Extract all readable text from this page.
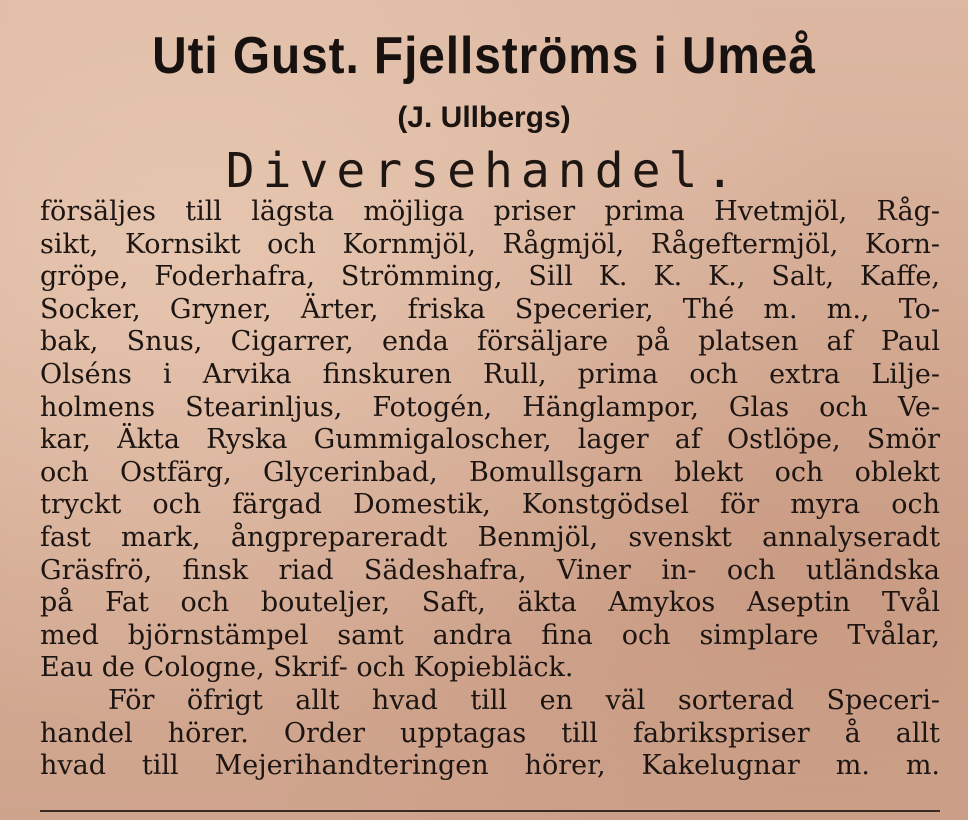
Uti Gust. Fjellströms i Umeå
(J. Ullbergs)
Diversehandel.
försäljes till lägsta möjliga priser prima Hvetmjöl, Råg-
sikt, Kornsikt och Kornmjöl, Rågmjöl, Rågeftermjöl, Korn-
gröpe, Foderhafra, Strömming, Sill K. K. K., Salt, Kaffe,
Socker, Gryner, Ärter, friska Specerier, Thé m. m., To-
bak, Snus, Cigarrer, enda försäljare på platsen af Paul
Olséns i Arvika finskuren Rull, prima och extra Lilje-
holmens Stearinljus, Fotogén, Hänglampor, Glas och Ve-
kar, Äkta Ryska Gummigaloscher, lager af Ostlöpe, Smör
och Ostfärg, Glycerinbad, Bomullsgarn blekt och oblekt
tryckt och färgad Domestik, Konstgödsel för myra och
fast mark, ångprepareradt Benmjöl, svenskt annalyseradt
Gräsfrö, finsk riad Sädeshafra, Viner in- och utländska
på Fat och bouteljer, Saft, äkta Amykos Aseptin Tvål
med björnstämpel samt andra fina och simplare Tvålar,
Eau de Cologne, Skrif- och Kopiebläck.
För öfrigt allt hvad till en väl sorterad Speceri-
handel hörer. Order upptagas till fabrikspriser å allt
hvad till Mejerihandteringen hörer, Kakelugnar m. m.
